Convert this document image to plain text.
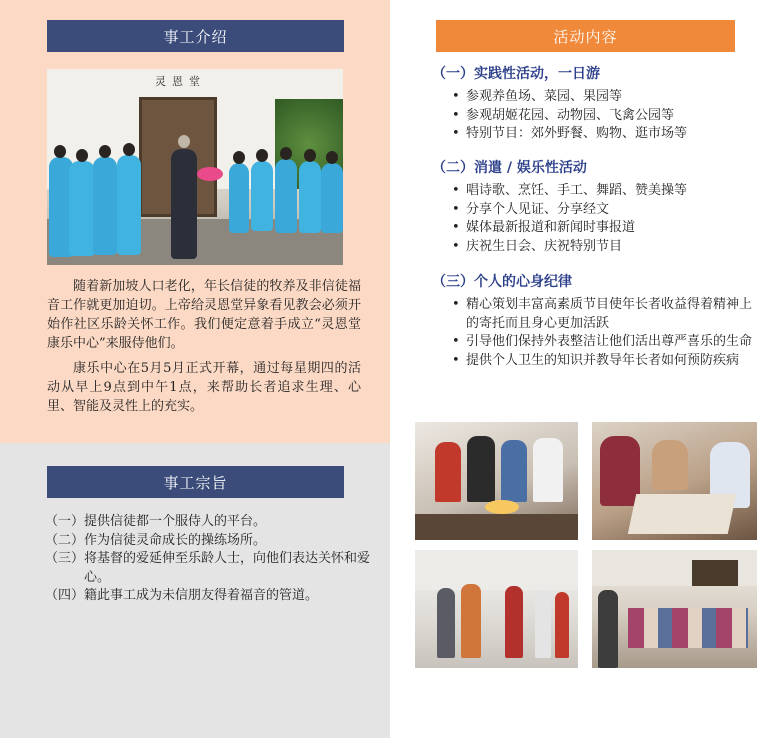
事工介绍
灵恩堂

随着新加坡人口老化，年长信徒的牧养及非信徒福音工作就更加迫切。上帝给灵恩堂异象看见教会必须开始作社区乐龄关怀工作。我们便定意着手成立“灵恩堂康乐中心”来服侍他们。

康乐中心在5月5月正式开幕，通过每星期四的活动从早上9点到中午1点，来帮助长者追求生理、心里、智能及灵性上的充实。

事工宗旨
（一） 提供信徒都一个服侍人的平台。
（二） 作为信徒灵命成长的操练场所。
（三） 将基督的爱延伸至乐龄人士，向他们表达关怀和爱心。
（四） 籍此事工成为未信朋友得着福音的管道。
活动内容
（一）实践性活动，一日游
• 参观养鱼场、菜园、果园等
• 参观胡姬花园、动物园、飞禽公园等
• 特别节目：郊外野餐、购物、逛市场等
（二）消遣 / 娱乐性活动
• 唱诗歌、烹饪、手工、舞蹈、赞美操等
• 分享个人见证、分享经文
• 媒体最新报道和新闻时事报道
• 庆祝生日会、庆祝特别节目
（三）个人的心身纪律
• 精心策划丰富高素质节目使年长者收益得着精神上的寄托而且身心更加活跃
• 引导他们保持外表整洁让他们活出尊严喜乐的生命
• 提供个人卫生的知识并教导年长者如何预防疾病
